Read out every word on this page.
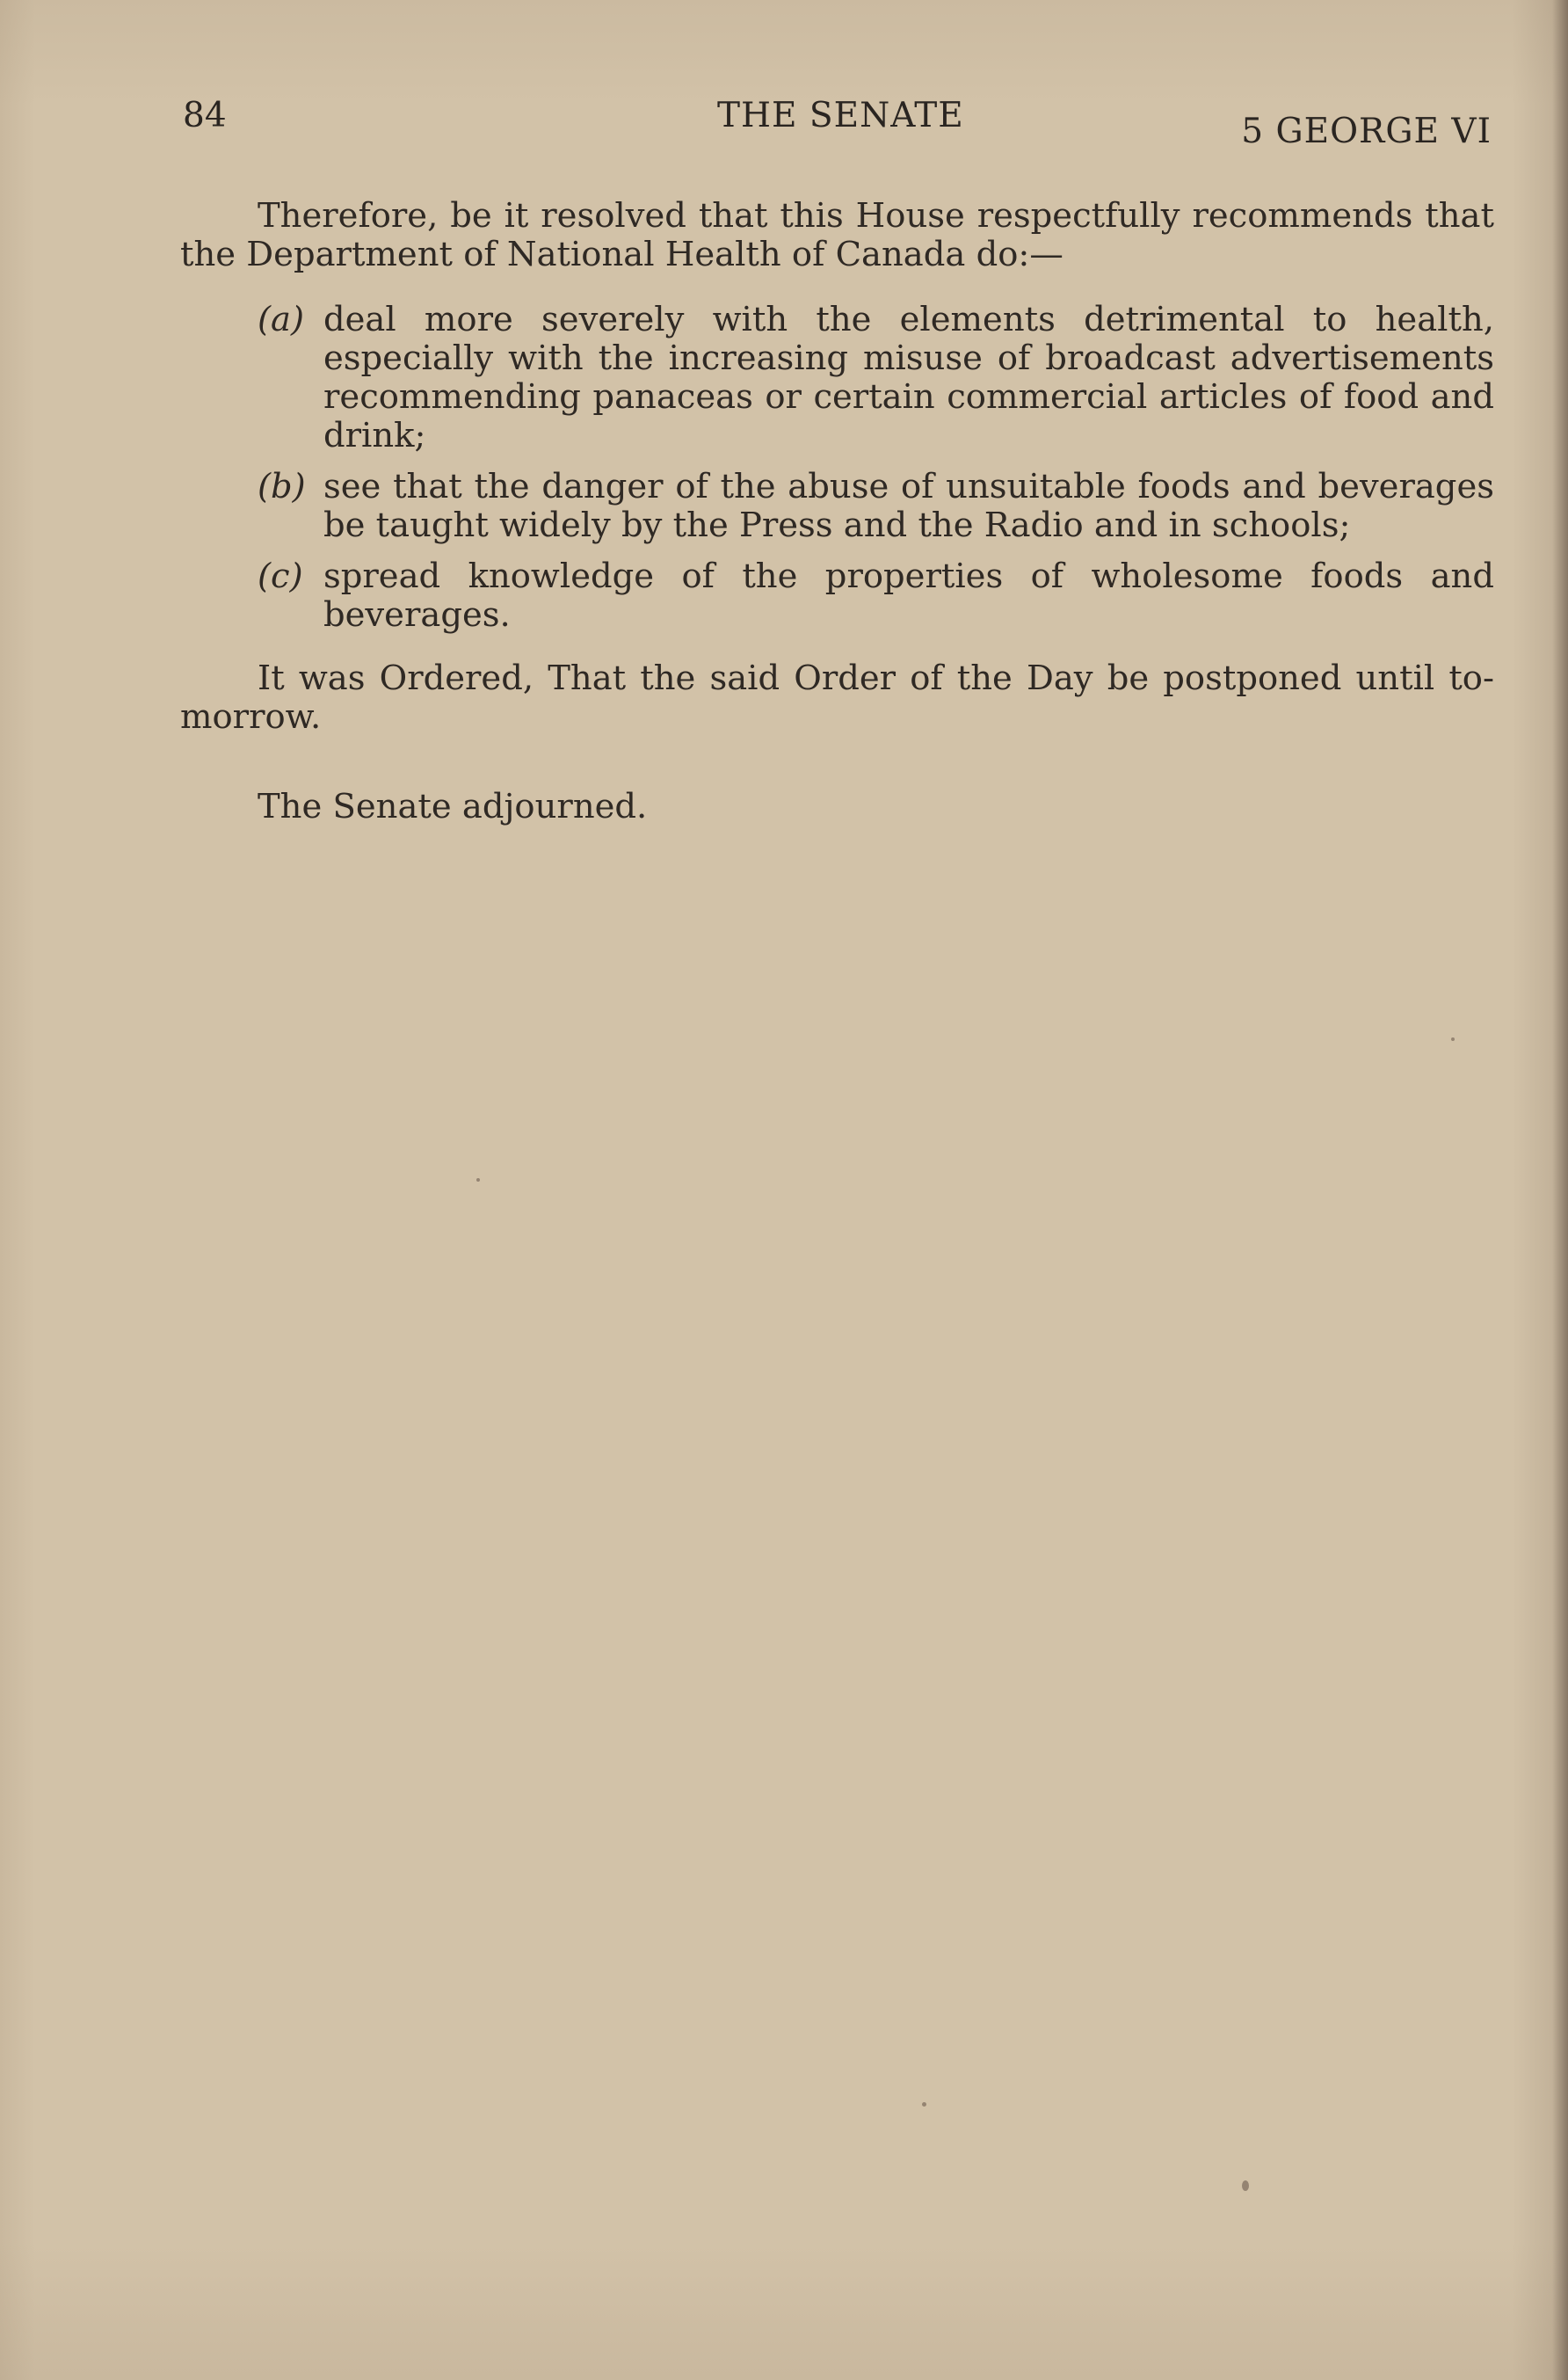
84	THE SENATE	5 GEORGE VI

Therefore, be it resolved that this House respectfully recommends that the Department of National Health of Canada do:—

(a) deal more severely with the elements detrimental to health, especially with the increasing misuse of broadcast advertisements recommending panaceas or certain commercial articles of food and drink;
(b) see that the danger of the abuse of unsuitable foods and beverages be taught widely by the Press and the Radio and in schools;
(c) spread knowledge of the properties of wholesome foods and beverages.

It was Ordered, That the said Order of the Day be postponed until to-morrow.

The Senate adjourned.
